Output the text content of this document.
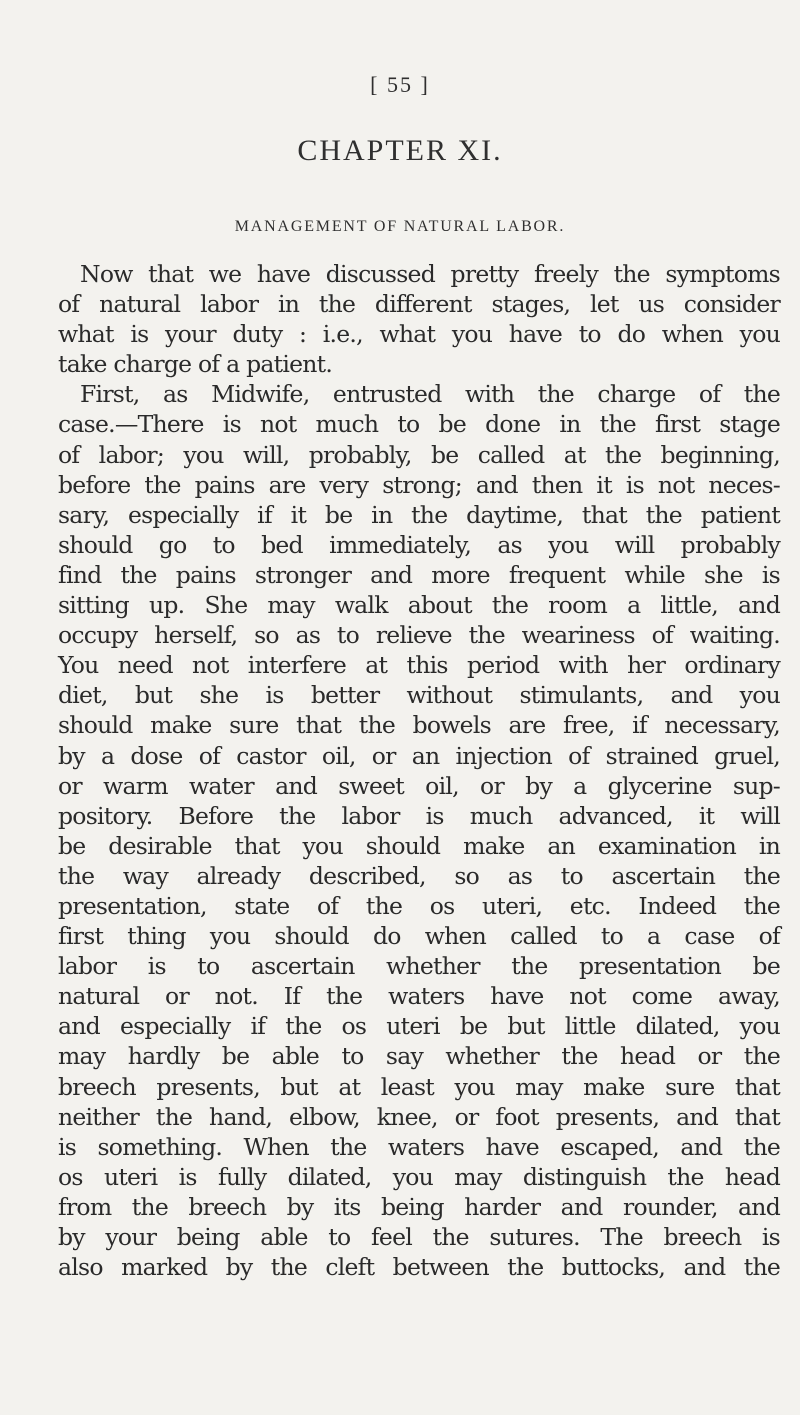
[ 55 ]
CHAPTER XI.
MANAGEMENT OF NATURAL LABOR.
Now that we have discussed pretty freely the symptoms
of natural labor in the different stages, let us consider
what is your duty : i.e., what you have to do when you
take charge of a patient.
First, as Midwife, entrusted with the charge of the
case.—There is not much to be done in the first stage
of labor; you will, probably, be called at the beginning,
before the pains are very strong; and then it is not neces-
sary, especially if it be in the daytime, that the patient
should go to bed immediately, as you will probably
find the pains stronger and more frequent while she is
sitting up. She may walk about the room a little, and
occupy herself, so as to relieve the weariness of waiting.
You need not interfere at this period with her ordinary
diet, but she is better without stimulants, and you
should make sure that the bowels are free, if necessary,
by a dose of castor oil, or an injection of strained gruel,
or warm water and sweet oil, or by a glycerine sup-
pository. Before the labor is much advanced, it will
be desirable that you should make an examination in
the way already described, so as to ascertain the
presentation, state of the os uteri, etc. Indeed the
first thing you should do when called to a case of
labor is to ascertain whether the presentation be
natural or not. If the waters have not come away,
and especially if the os uteri be but little dilated, you
may hardly be able to say whether the head or the
breech presents, but at least you may make sure that
neither the hand, elbow, knee, or foot presents, and that
is something. When the waters have escaped, and the
os uteri is fully dilated, you may distinguish the head
from the breech by its being harder and rounder, and
by your being able to feel the sutures. The breech is
also marked by the cleft between the buttocks, and the
